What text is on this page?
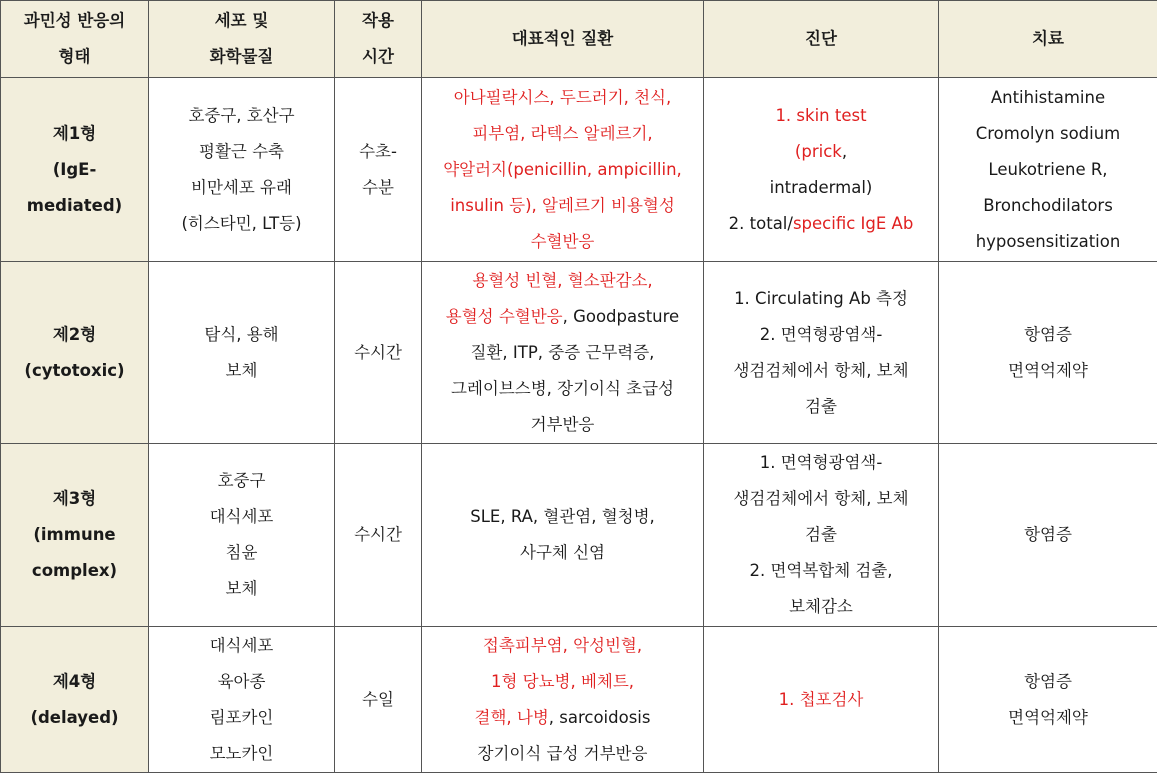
과민성 반응의
형태	세포 및
화학물질	작용
시간	대표적인 질환	진단	치료

제1형
(IgE-
mediated)	호중구, 호산구
평활근 수축
비만세포 유래
(히스타민, LT등)	수초-
수분	아나필락시스, 두드러기, 천식,
피부염, 라텍스 알레르기,
약알러지(penicillin, ampicillin,
insulin 등), 알레르기 비용혈성
수혈반응	1. skin test
(prick,
intradermal)
2. total/specific IgE Ab	Antihistamine
Cromolyn sodium
Leukotriene R,
Bronchodilators
hyposensitization

제2형
(cytotoxic)	탐식, 용해
보체	수시간	용혈성 빈혈, 혈소판감소,
용혈성 수혈반응, Goodpasture
질환, ITP, 중증 근무력증,
그레이브스병, 장기이식 초급성
거부반응	1. Circulating Ab 측정
2. 면역형광염색-
생검검체에서 항체, 보체
검출	항염증
면역억제약

제3형
(immune
complex)	호중구
대식세포
침윤
보체	수시간	SLE, RA, 혈관염, 혈청병,
사구체 신염	1. 면역형광염색-
생검검체에서 항체, 보체
검출
2. 면역복합체 검출,
보체감소	항염증

제4형
(delayed)	대식세포
육아종
림포카인
모노카인	수일	접촉피부염, 악성빈혈,
1형 당뇨병, 베체트,
결핵, 나병, sarcoidosis
장기이식 급성 거부반응	1. 첩포검사	항염증
면역억제약
